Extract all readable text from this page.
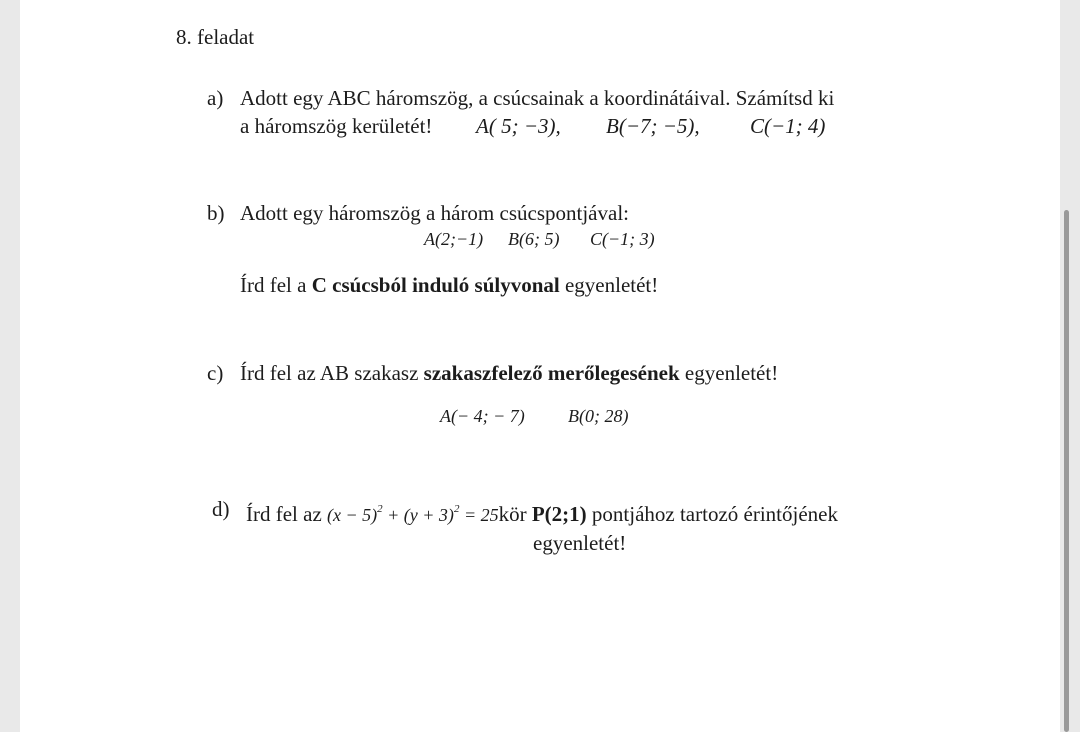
8. feladat
a) Adott egy ABC háromszög, a csúcsainak a koordinátáival. Számítsd ki
a háromszög kerületét! A( 5; −3), B(−7; −5), C(−1; 4)
b) Adott egy háromszög a három csúcspontjával:
A(2;−1) B(6; 5) C(−1; 3)
Írd fel a C csúcsból induló súlyvonal egyenletét!
c) Írd fel az AB szakasz szakaszfelező merőlegesének egyenletét!
A(− 4; − 7) B(0; 28)
d) Írd fel az $(x - 5)^2 + (y + 3)^2$ = 25kör P(2;1) pontjához tartozó érintőjének
egyenletét!
